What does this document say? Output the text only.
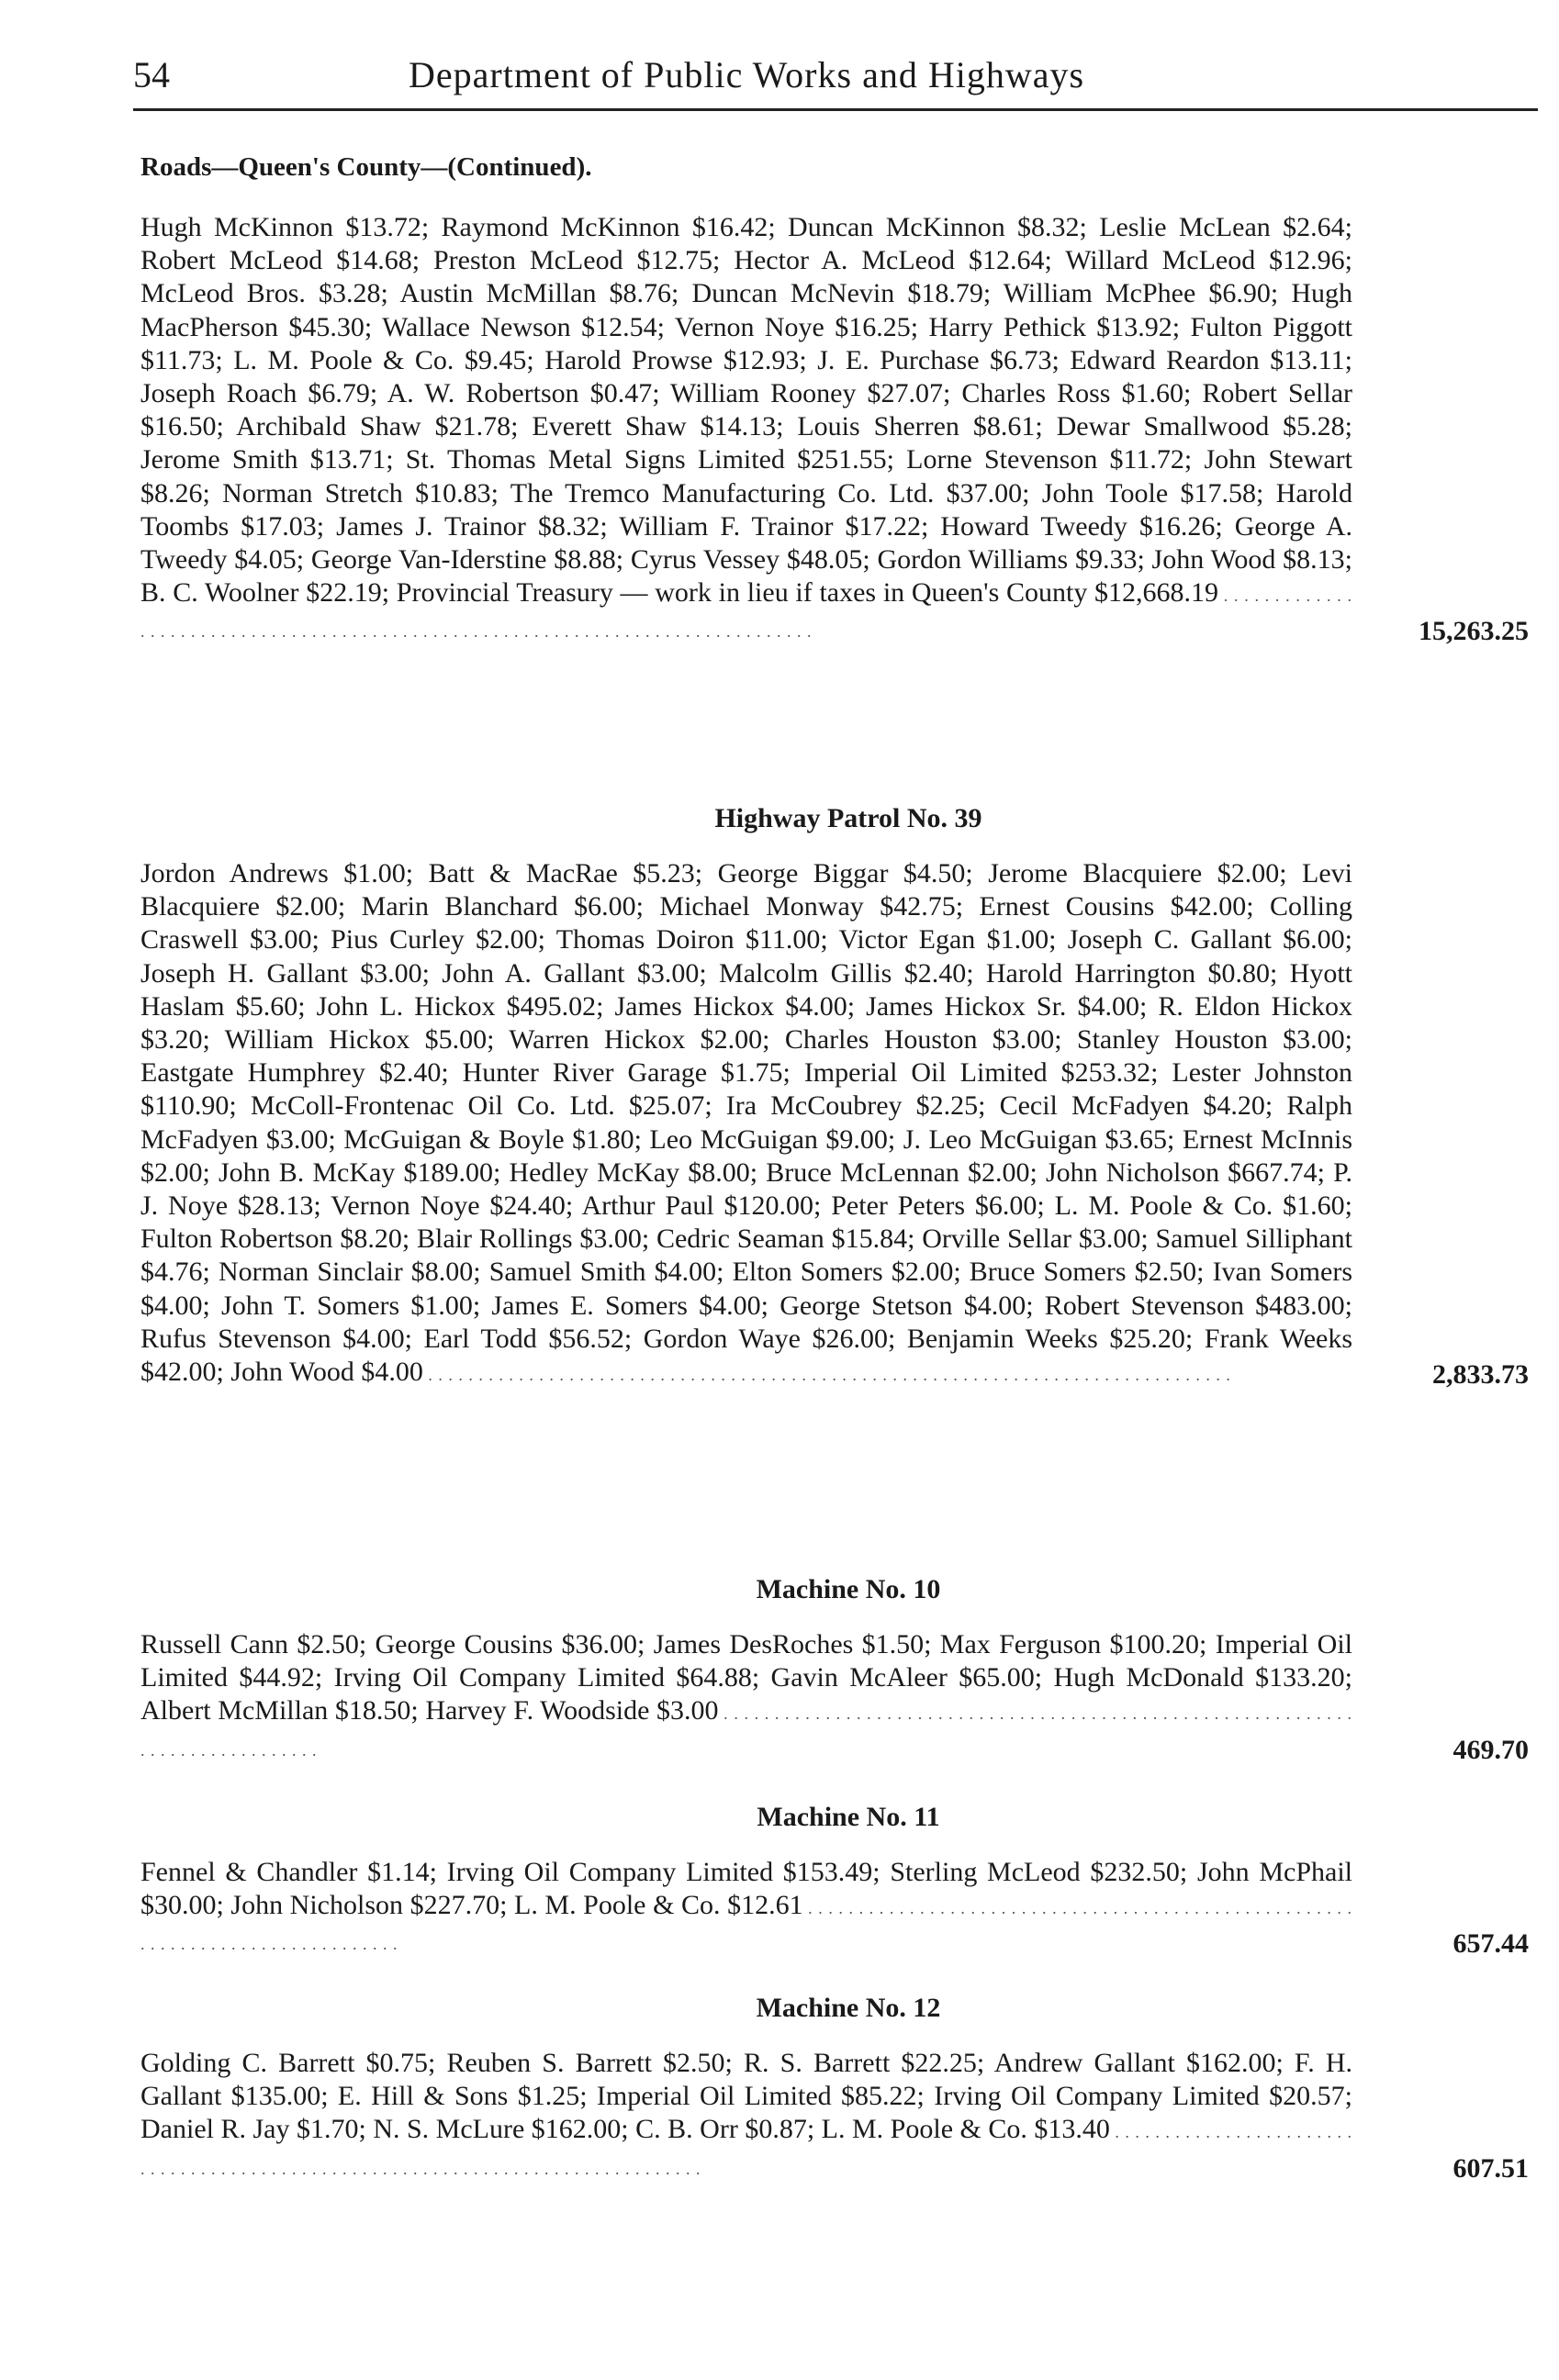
54	Department of Public Works and Highways
Roads—Queen's County—(Continued).
Hugh McKinnon $13.72; Raymond McKinnon $16.42; Duncan McKinnon $8.32; Leslie McLean $2.64; Robert McLeod $14.68; Preston McLeod $12.75; Hector A. McLeod $12.64; Willard McLeod $12.96; McLeod Bros. $3.28; Austin McMillan $8.76; Duncan McNevin $18.79; William McPhee $6.90; Hugh MacPherson $45.30; Wallace Newson $12.54; Vernon Noye $16.25; Harry Pethick $13.92; Fulton Piggott $11.73; L. M. Poole & Co. $9.45; Harold Prowse $12.93; J. E. Purchase $6.73; Edward Reardon $13.11; Joseph Roach $6.79; A. W. Robertson $0.47; William Rooney $27.07; Charles Ross $1.60; Robert Sellar $16.50; Archibald Shaw $21.78; Everett Shaw $14.13; Louis Sherren $8.61; Dewar Smallwood $5.28; Jerome Smith $13.71; St. Thomas Metal Signs Limited $251.55; Lorne Stevenson $11.72; John Stewart $8.26; Norman Stretch $10.83; The Tremco Manufacturing Co. Ltd. $37.00; John Toole $17.58; Harold Toombs $17.03; James J. Trainor $8.32; William F. Trainor $17.22; Howard Tweedy $16.26; George A. Tweedy $4.05; George Van-Iderstine $8.88; Cyrus Vessey $48.05; Gordon Williams $9.33; John Wood $8.13; B. C. Woolner $22.19; Provincial Treasury — work in lieu if taxes in Queen's County $12,668.19 . . .
15,263.25
Highway Patrol No. 39
Jordon Andrews $1.00; Batt & MacRae $5.23; George Biggar $4.50; Jerome Blacquiere $2.00; Levi Blacquiere $2.00; Marin Blanchard $6.00; Michael Monway $42.75; Ernest Cousins $42.00; Colling Craswell $3.00; Pius Curley $2.00; Thomas Doiron $11.00; Victor Egan $1.00; Joseph C. Gallant $6.00; Joseph H. Gallant $3.00; John A. Gallant $3.00; Malcolm Gillis $2.40; Harold Harrington $0.80; Hyott Haslam $5.60; John L. Hickox $495.02; James Hickox $4.00; James Hickox Sr. $4.00; R. Eldon Hickox $3.20; William Hickox $5.00; Warren Hickox $2.00; Charles Houston $3.00; Stanley Houston $3.00; Eastgate Humphrey $2.40; Hunter River Garage $1.75; Imperial Oil Limited $253.32; Lester Johnston $110.90; McColl-Frontenac Oil Co. Ltd. $25.07; Ira McCoubrey $2.25; Cecil McFadyen $4.20; Ralph McFadyen $3.00; McGuigan & Boyle $1.80; Leo McGuigan $9.00; J. Leo McGuigan $3.65; Ernest McInnis $2.00; John B. McKay $189.00; Hedley McKay $8.00; Bruce McLennan $2.00; John Nicholson $667.74; P. J. Noye $28.13; Vernon Noye $24.40; Arthur Paul $120.00; Peter Peters $6.00; L. M. Poole & Co. $1.60; Fulton Robertson $8.20; Blair Rollings $3.00; Cedric Seaman $15.84; Orville Sellar $3.00; Samuel Silliphant $4.76; Norman Sinclair $8.00; Samuel Smith $4.00; Elton Somers $2.00; Bruce Somers $2.50; Ivan Somers $4.00; John T. Somers $1.00; James E. Somers $4.00; George Stetson $4.00; Robert Stevenson $483.00; Rufus Stevenson $4.00; Earl Todd $56.52; Gordon Waye $26.00; Benjamin Weeks $25.20; Frank Weeks $42.00; John Wood $4.00 . . .	2,833.73
Machine No. 10
Russell Cann $2.50; George Cousins $36.00; James DesRoches $1.50; Max Ferguson $100.20; Imperial Oil Limited $44.92; Irving Oil Company Limited $64.88; Gavin McAleer $65.00; Hugh McDonald $133.20; Albert McMillan $18.50; Harvey F. Woodside $3.00 . . .
469.70
Machine No. 11
Fennel & Chandler $1.14; Irving Oil Company Limited $153.49; Sterling McLeod $232.50; John McPhail $30.00; John Nicholson $227.70; L. M. Poole & Co. $12.61 . . .
657.44
Machine No. 12
Golding C. Barrett $0.75; Reuben S. Barrett $2.50; R. S. Barrett $22.25; Andrew Gallant $162.00; F. H. Gallant $135.00; E. Hill & Sons $1.25; Imperial Oil Limited $85.22; Irving Oil Company Limited $20.57; Daniel R. Jay $1.70; N. S. McLure $162.00; C. B. Orr $0.87; L. M. Poole & Co. $13.40 . . .
607.51
